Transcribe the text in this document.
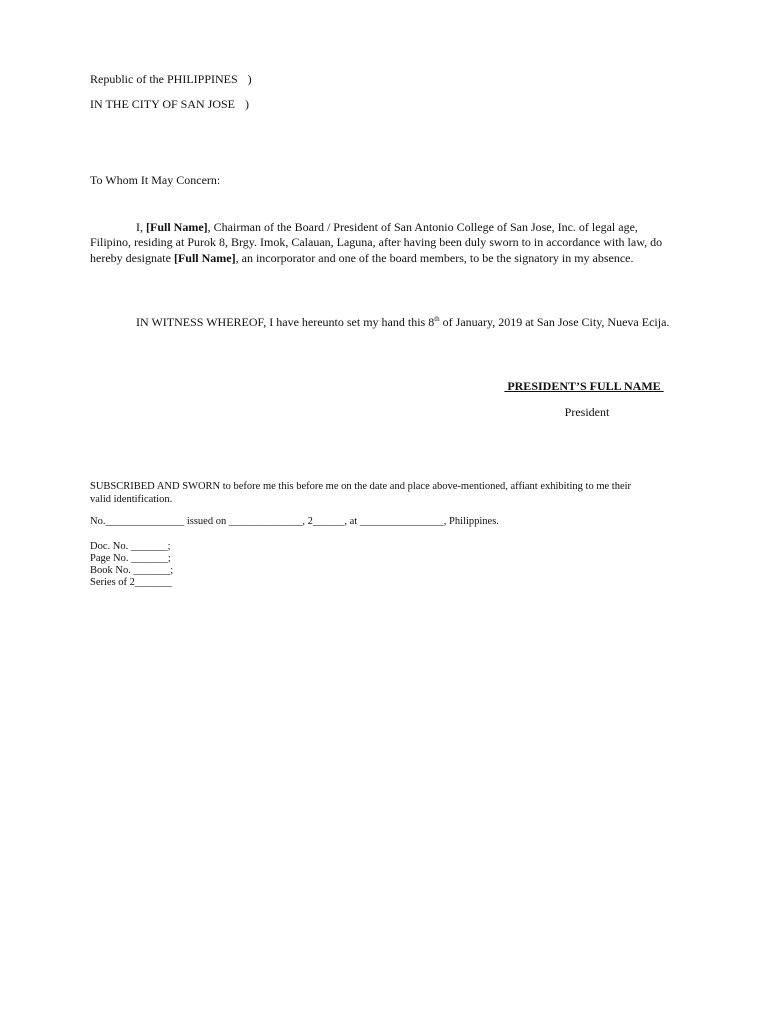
Republic of the PHILIPPINES )
IN THE CITY OF SAN JOSE )
To Whom It May Concern:
I, [Full Name], Chairman of the Board / President of San Antonio College of San Jose, Inc. of legal age, Filipino, residing at Purok 8, Brgy. Imok, Calauan, Laguna, after having been duly sworn to in accordance with law, do hereby designate [Full Name], an incorporator and one of the board members, to be the signatory in my absence.
IN WITNESS WHEREOF, I have hereunto set my hand this 8th of January, 2019 at San Jose City, Nueva Ecija.
PRESIDENT’S FULL NAME
President
SUBSCRIBED AND SWORN to before me this before me on the date and place above-mentioned, affiant exhibiting to me their valid identification.
No._______________ issued on ______________, 2______, at ________________, Philippines.
Doc. No. _______;
Page No. _______;
Book No. _______;
Series of 2_______
